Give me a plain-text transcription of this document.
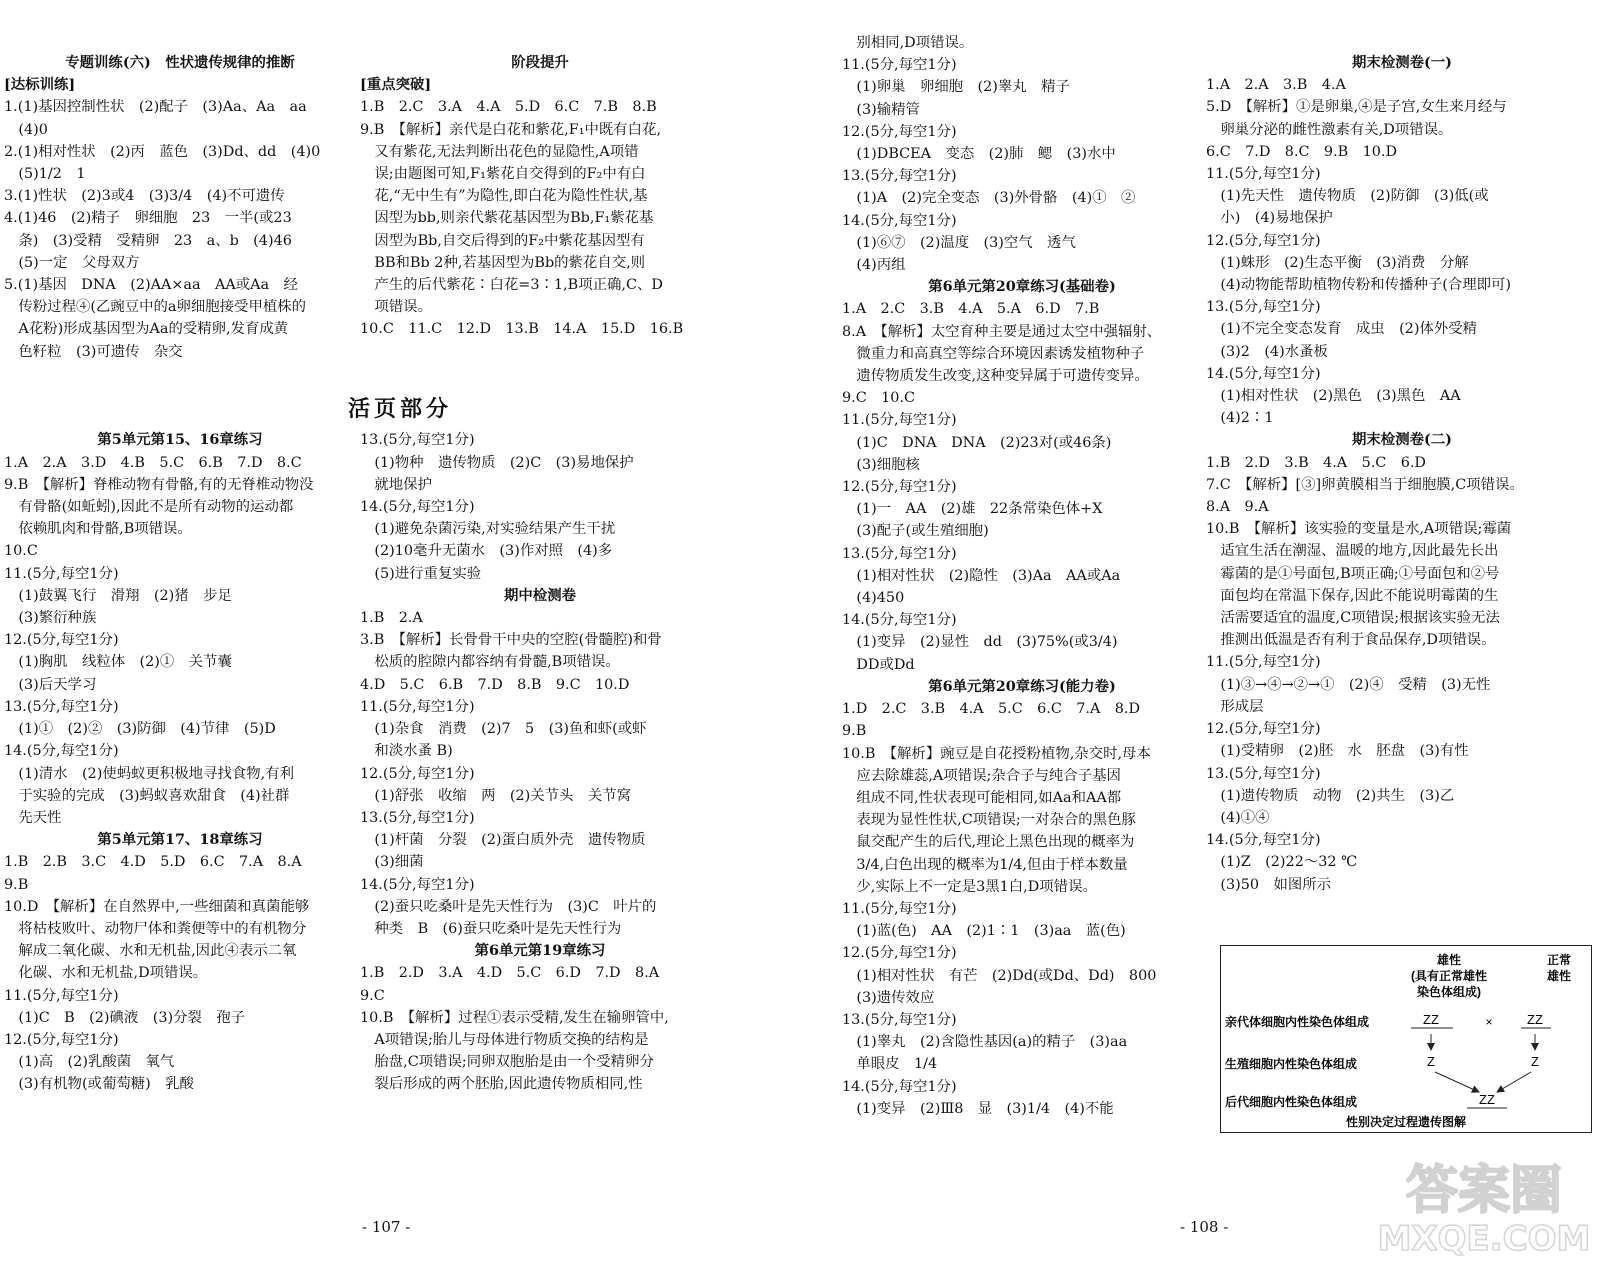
专题训练(六)　性状遗传规律的推断
[达标训练]
1.(1)基因控制性状　(2)配子　(3)Aa、Aa　aa
　(4)0
2.(1)相对性状　(2)丙　蓝色　(3)Dd、dd　(4)0
　(5)1/2　1
3.(1)性状　(2)3或4　(3)3/4　(4)不可遗传
4.(1)46　(2)精子　卵细胞　23　一半(或23
　条)　(3)受精　受精卵　23　a、b　(4)46
　(5)一定　父母双方
5.(1)基因　DNA　(2)AA×aa　AA或Aa　经
　传粉过程④(乙豌豆中的a卵细胞接受甲植株的
　A花粉)形成基因型为Aa的受精卵,发育成黄
　色籽粒　(3)可遗传　杂交

第5单元第15、16章练习
1.A　2.A　3.D　4.B　5.C　6.B　7.D　8.C
9.B　【解析】脊椎动物有骨骼,有的无脊椎动物没
　有骨骼(如蚯蚓),因此不是所有动物的运动都
　依赖肌肉和骨骼,B项错误。
10.C
11.(5分,每空1分)
　(1)鼓翼飞行　滑翔　(2)猪　步足
　(3)繁衍种族
12.(5分,每空1分)
　(1)胸肌　线粒体　(2)①　关节囊
　(3)后天学习
13.(5分,每空1分)
　(1)①　(2)②　(3)防御　(4)节律　(5)D
14.(5分,每空1分)
　(1)清水　(2)使蚂蚁更积极地寻找食物,有利
　于实验的完成　(3)蚂蚁喜欢甜食　(4)社群
　先天性
第5单元第17、18章练习
1.B　2.B　3.C　4.D　5.D　6.C　7.A　8.A
9.B
10.D　【解析】在自然界中,一些细菌和真菌能够
　将枯枝败叶、动物尸体和粪便等中的有机物分
　解成二氧化碳、水和无机盐,因此④表示二氧
　化碳、水和无机盐,D项错误。
11.(5分,每空1分)
　(1)C　B　(2)碘液　(3)分裂　孢子
12.(5分,每空1分)
　(1)高　(2)乳酸菌　氧气
　(3)有机物(或葡萄糖)　乳酸
阶段提升
[重点突破]
1.B　2.C　3.A　4.A　5.D　6.C　7.B　8.B
9.B　【解析】亲代是白花和紫花,F₁中既有白花,
　又有紫花,无法判断出花色的显隐性,A项错
　误;由题图可知,F₁紫花自交得到的F₂中有白
　花,“无中生有”为隐性,即白花为隐性性状,基
　因型为bb,则亲代紫花基因型为Bb,F₁紫花基
　因型为Bb,自交后得到的F₂中紫花基因型有
　BB和Bb 2种,若基因型为Bb的紫花自交,则
　产生的后代紫花∶白花=3∶1,B项正确,C、D
　项错误。
10.C　11.C　12.D　13.B　14.A　15.D　16.B

13.(5分,每空1分)
　(1)物种　遗传物质　(2)C　(3)易地保护
　就地保护
14.(5分,每空1分)
　(1)避免杂菌污染,对实验结果产生干扰
　(2)10毫升无菌水　(3)作对照　(4)多
　(5)进行重复实验
期中检测卷
1.B　2.A
3.B　【解析】长骨骨干中央的空腔(骨髓腔)和骨
　松质的腔隙内都容纳有骨髓,B项错误。
4.D　5.C　6.B　7.D　8.B　9.C　10.D
11.(5分,每空1分)
　(1)杂食　消费　(2)7　5　(3)鱼和虾(或虾
　和淡水蚤 B)
12.(5分,每空1分)
　(1)舒张　收缩　两　(2)关节头　关节窝
13.(5分,每空1分)
　(1)杆菌　分裂　(2)蛋白质外壳　遗传物质
　(3)细菌
14.(5分,每空1分)
　(2)蚕只吃桑叶是先天性行为　(3)C　叶片的
　种类　B　(6)蚕只吃桑叶是先天性行为
第6单元第19章练习
1.B　2.D　3.A　4.D　5.C　6.D　7.D　8.A
9.C
10.B　【解析】过程①表示受精,发生在输卵管中,
　A项错误;胎儿与母体进行物质交换的结构是
　胎盘,C项错误;同卵双胞胎是由一个受精卵分
　裂后形成的两个胚胎,因此遗传物质相同,性
　别相同,D项错误。
11.(5分,每空1分)
　(1)卵巢　卵细胞　(2)睾丸　精子
　(3)输精管
12.(5分,每空1分)
　(1)DBCEA　变态　(2)肺　鳃　(3)水中
13.(5分,每空1分)
　(1)A　(2)完全变态　(3)外骨骼　(4)①　②
14.(5分,每空1分)
　(1)⑥⑦　(2)温度　(3)空气　透气
　(4)丙组
第6单元第20章练习(基础卷)
1.A　2.C　3.B　4.A　5.A　6.D　7.B
8.A　【解析】太空育种主要是通过太空中强辐射、
　微重力和高真空等综合环境因素诱发植物种子
　遗传物质发生改变,这种变异属于可遗传变异。
9.C　10.C
11.(5分,每空1分)
　(1)C　DNA　DNA　(2)23对(或46条)
　(3)细胞核
12.(5分,每空1分)
　(1)一　AA　(2)雄　22条常染色体+X
　(3)配子(或生殖细胞)
13.(5分,每空1分)
　(1)相对性状　(2)隐性　(3)Aa　AA或Aa
　(4)450
14.(5分,每空1分)
　(1)变异　(2)显性　dd　(3)75%(或3/4)
　DD或Dd
第6单元第20章练习(能力卷)
1.D　2.C　3.B　4.A　5.C　6.C　7.A　8.D
9.B
10.B　【解析】豌豆是自花授粉植物,杂交时,母本
　应去除雄蕊,A项错误;杂合子与纯合子基因
　组成不同,性状表现可能相同,如Aa和AA都
　表现为显性性状,C项错误;一对杂合的黑色豚
　鼠交配产生的后代,理论上黑色出现的概率为
　3/4,白色出现的概率为1/4,但由于样本数量
　少,实际上不一定是3黑1白,D项错误。
11.(5分,每空1分)
　(1)蓝(色)　AA　(2)1∶1　(3)aa　蓝(色)
12.(5分,每空1分)
　(1)相对性状　有芒　(2)Dd(或Dd、Dd)　800
　(3)遗传效应
13.(5分,每空1分)
　(1)睾丸　(2)含隐性基因(a)的精子　(3)aa
　单眼皮　1/4
14.(5分,每空1分)
　(1)变异　(2)Ⅲ8　显　(3)1/4　(4)不能
期末检测卷(一)
1.A　2.A　3.B　4.A
5.D　【解析】①是卵巢,④是子宫,女生来月经与
　卵巢分泌的雌性激素有关,D项错误。
6.C　7.D　8.C　9.B　10.D
11.(5分,每空1分)
　(1)先天性　遗传物质　(2)防御　(3)低(或
　小)　(4)易地保护
12.(5分,每空1分)
　(1)蛛形　(2)生态平衡　(3)消费　分解
　(4)动物能帮助植物传粉和传播种子(合理即可)
13.(5分,每空1分)
　(1)不完全变态发育　成虫　(2)体外受精
　(3)2　(4)水蚤板
14.(5分,每空1分)
　(1)相对性状　(2)黑色　(3)黑色　AA
　(4)2∶1
期末检测卷(二)
1.B　2.D　3.B　4.A　5.C　6.D
7.C　【解析】[③]卵黄膜相当于细胞膜,C项错误。
8.A　9.A
10.B　【解析】该实验的变量是水,A项错误;霉菌
　适宜生活在潮湿、温暖的地方,因此最先长出
　霉菌的是①号面包,B项正确;①号面包和②号
　面包均在常温下保存,因此不能说明霉菌的生
　活需要适宜的温度,C项错误;根据该实验无法
　推测出低温是否有利于食品保存,D项错误。
11.(5分,每空1分)
　(1)③→④→②→①　(2)④　受精　(3)无性
　形成层
12.(5分,每空1分)
　(1)受精卵　(2)胚　水　胚盘　(3)有性
13.(5分,每空1分)
　(1)遗传物质　动物　(2)共生　(3)乙
　(4)①④
14.(5分,每空1分)
　(1)Z　(2)22～32 ℃
　(3)50　如图所示
活页部分
- 107 -	- 108 -
雄性
(具有正常雄性
染色体组成)
正常
雄性
亲代体细胞内性染色体组成
生殖细胞内性染色体组成
后代细胞内性染色体组成
ZZ	×	ZZ
Z	Z
ZZ
性别决定过程遗传图解
答案圈
MXQE.COM
